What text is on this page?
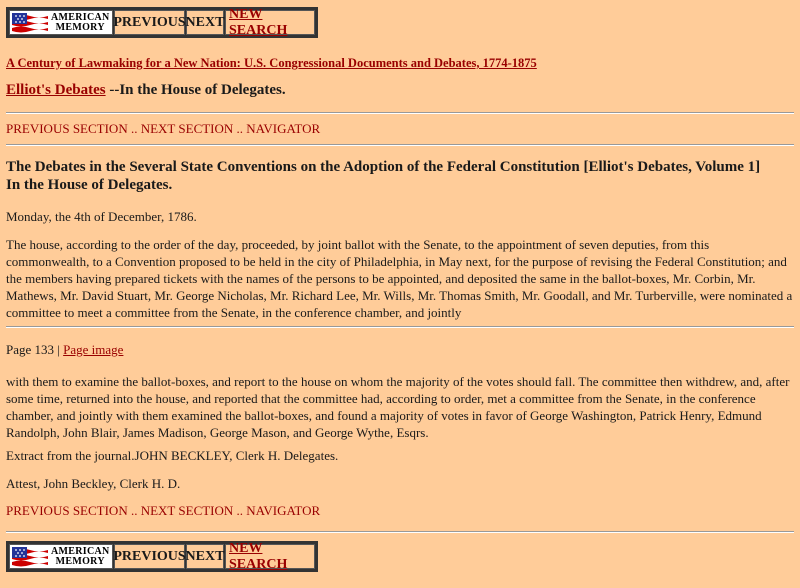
AMERICAN
MEMORY PREVIOUS NEXT
NEW SEARCH
A Century of Lawmaking for a New Nation: U.S. Congressional Documents and Debates, 1774-1875
Elliot's Debates --In the House of Delegates.
PREVIOUS SECTION .. NEXT SECTION .. NAVIGATOR
The Debates in the Several State Conventions on the Adoption of the Federal Constitution [Elliot's Debates, Volume 1]
In the House of Delegates.
Monday, the 4th of December, 1786.
The house, according to the order of the day, proceeded, by joint ballot with the Senate, to the appointment of seven deputies, from this commonwealth, to a Convention proposed to be held in the city of Philadelphia, in May next, for the purpose of revising the Federal Constitution; and the members having prepared tickets with the names of the persons to be appointed, and deposited the same in the ballot-boxes, Mr. Corbin, Mr. Mathews, Mr. David Stuart, Mr. George Nicholas, Mr. Richard Lee, Mr. Wills, Mr. Thomas Smith, Mr. Goodall, and Mr. Turberville, were nominated a committee to meet a committee from the Senate, in the conference chamber, and jointly
Page 133 | Page image
with them to examine the ballot-boxes, and report to the house on whom the majority of the votes should fall. The committee then withdrew, and, after some time, returned into the house, and reported that the committee had, according to order, met a committee from the Senate, in the conference chamber, and jointly with them examined the ballot-boxes, and found a majority of votes in favor of George Washington, Patrick Henry, Edmund Randolph, John Blair, James Madison, George Mason, and George Wythe, Esqrs.
Extract from the journal.JOHN BECKLEY, Clerk H. Delegates.
Attest, John Beckley, Clerk H. D.
PREVIOUS SECTION .. NEXT SECTION .. NAVIGATOR
AMERICAN
MEMORY PREVIOUS NEXT
NEW SEARCH
